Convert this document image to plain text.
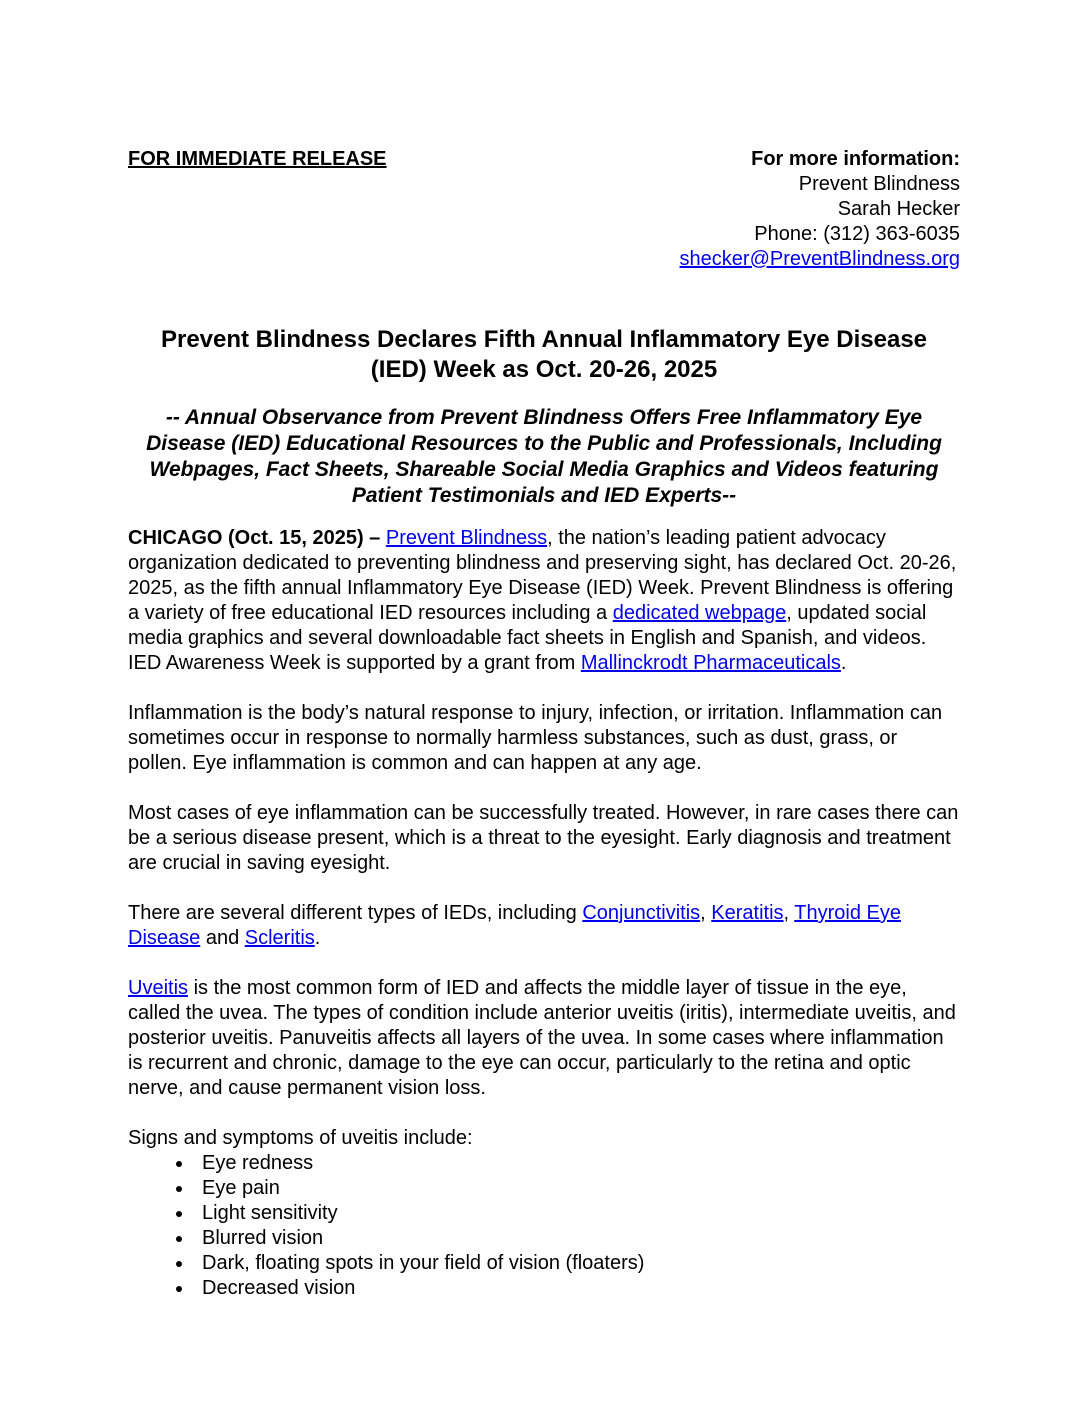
FOR IMMEDIATE RELEASE	For more information:
Prevent Blindness
Sarah Hecker
Phone: (312) 363-6035
shecker@PreventBlindness.org
Prevent Blindness Declares Fifth Annual Inflammatory Eye Disease
(IED) Week as Oct. 20-26, 2025
-- Annual Observance from Prevent Blindness Offers Free Inflammatory Eye
Disease (IED) Educational Resources to the Public and Professionals, Including
Webpages, Fact Sheets, Shareable Social Media Graphics and Videos featuring
Patient Testimonials and IED Experts--

CHICAGO (Oct. 15, 2025) – Prevent Blindness, the nation’s leading patient advocacy organization dedicated to preventing blindness and preserving sight, has declared Oct. 20-26, 2025, as the fifth annual Inflammatory Eye Disease (IED) Week. Prevent Blindness is offering a variety of free educational IED resources including a dedicated webpage, updated social media graphics and several downloadable fact sheets in English and Spanish, and videos. IED Awareness Week is supported by a grant from Mallinckrodt Pharmaceuticals.

Inflammation is the body’s natural response to injury, infection, or irritation. Inflammation can sometimes occur in response to normally harmless substances, such as dust, grass, or pollen. Eye inflammation is common and can happen at any age.

Most cases of eye inflammation can be successfully treated. However, in rare cases there can be a serious disease present, which is a threat to the eyesight. Early diagnosis and treatment are crucial in saving eyesight.

There are several different types of IEDs, including Conjunctivitis, Keratitis, Thyroid Eye Disease and Scleritis.

Uveitis is the most common form of IED and affects the middle layer of tissue in the eye, called the uvea. The types of condition include anterior uveitis (iritis), intermediate uveitis, and posterior uveitis. Panuveitis affects all layers of the uvea. In some cases where inflammation is recurrent and chronic, damage to the eye can occur, particularly to the retina and optic nerve, and cause permanent vision loss.

Signs and symptoms of uveitis include:

• Eye redness
• Eye pain
• Light sensitivity
• Blurred vision
• Dark, floating spots in your field of vision (floaters)
• Decreased vision
